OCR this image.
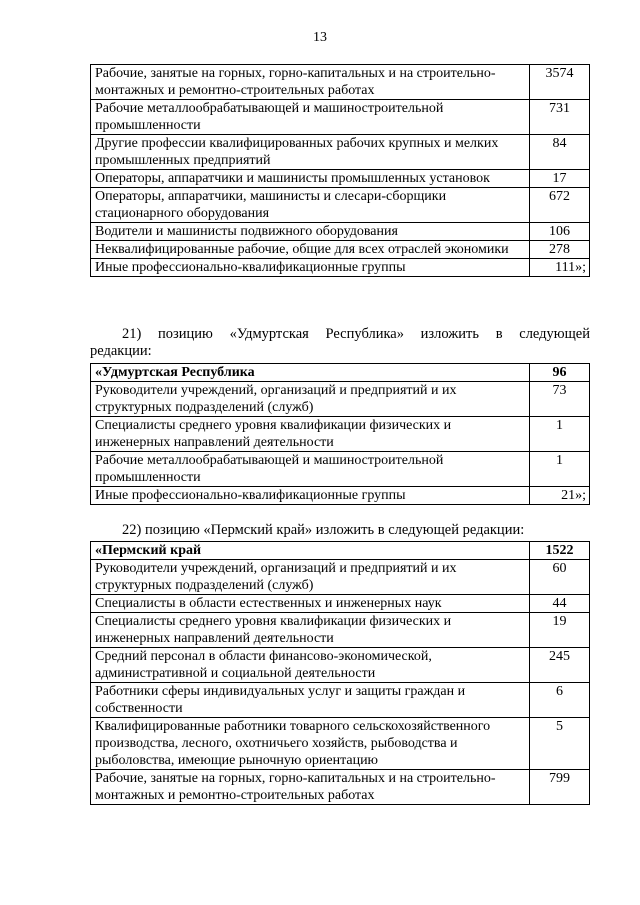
13
Рабочие, занятые на горных, горно-капитальных и на строительно-монтажных и ремонтно-строительных работах	3574
Рабочие металлообрабатывающей и машиностроительной промышленности	731
Другие профессии квалифицированных рабочих крупных и мелких промышленных предприятий	84
Операторы, аппаратчики и машинисты промышленных установок	17
Операторы, аппаратчики, машинисты и слесари-сборщики стационарного оборудования	672
Водители и машинисты подвижного оборудования	106
Неквалифицированные рабочие, общие для всех отраслей экономики	278
Иные профессионально-квалификационные группы	111»;
21) позицию «Удмуртская Республика» изложить в следующей
редакции:
«Удмуртская Республика	96
Руководители учреждений, организаций и предприятий и их структурных подразделений (служб)	73
Специалисты среднего уровня квалификации физических и инженерных направлений деятельности	1
Рабочие металлообрабатывающей и машиностроительной промышленности	1
Иные профессионально-квалификационные группы	21»;
22) позицию «Пермский край» изложить в следующей редакции:
«Пермский край	1522
Руководители учреждений, организаций и предприятий и их структурных подразделений (служб)	60
Специалисты в области естественных и инженерных наук	44
Специалисты среднего уровня квалификации физических и инженерных направлений деятельности	19
Средний персонал в области финансово-экономической, административной и социальной деятельности	245
Работники сферы индивидуальных услуг и защиты граждан и собственности	6
Квалифицированные работники товарного сельскохозяйственного производства, лесного, охотничьего хозяйств, рыбоводства и рыболовства, имеющие рыночную ориентацию	5
Рабочие, занятые на горных, горно-капитальных и на строительно-монтажных и ремонтно-строительных работах	799
